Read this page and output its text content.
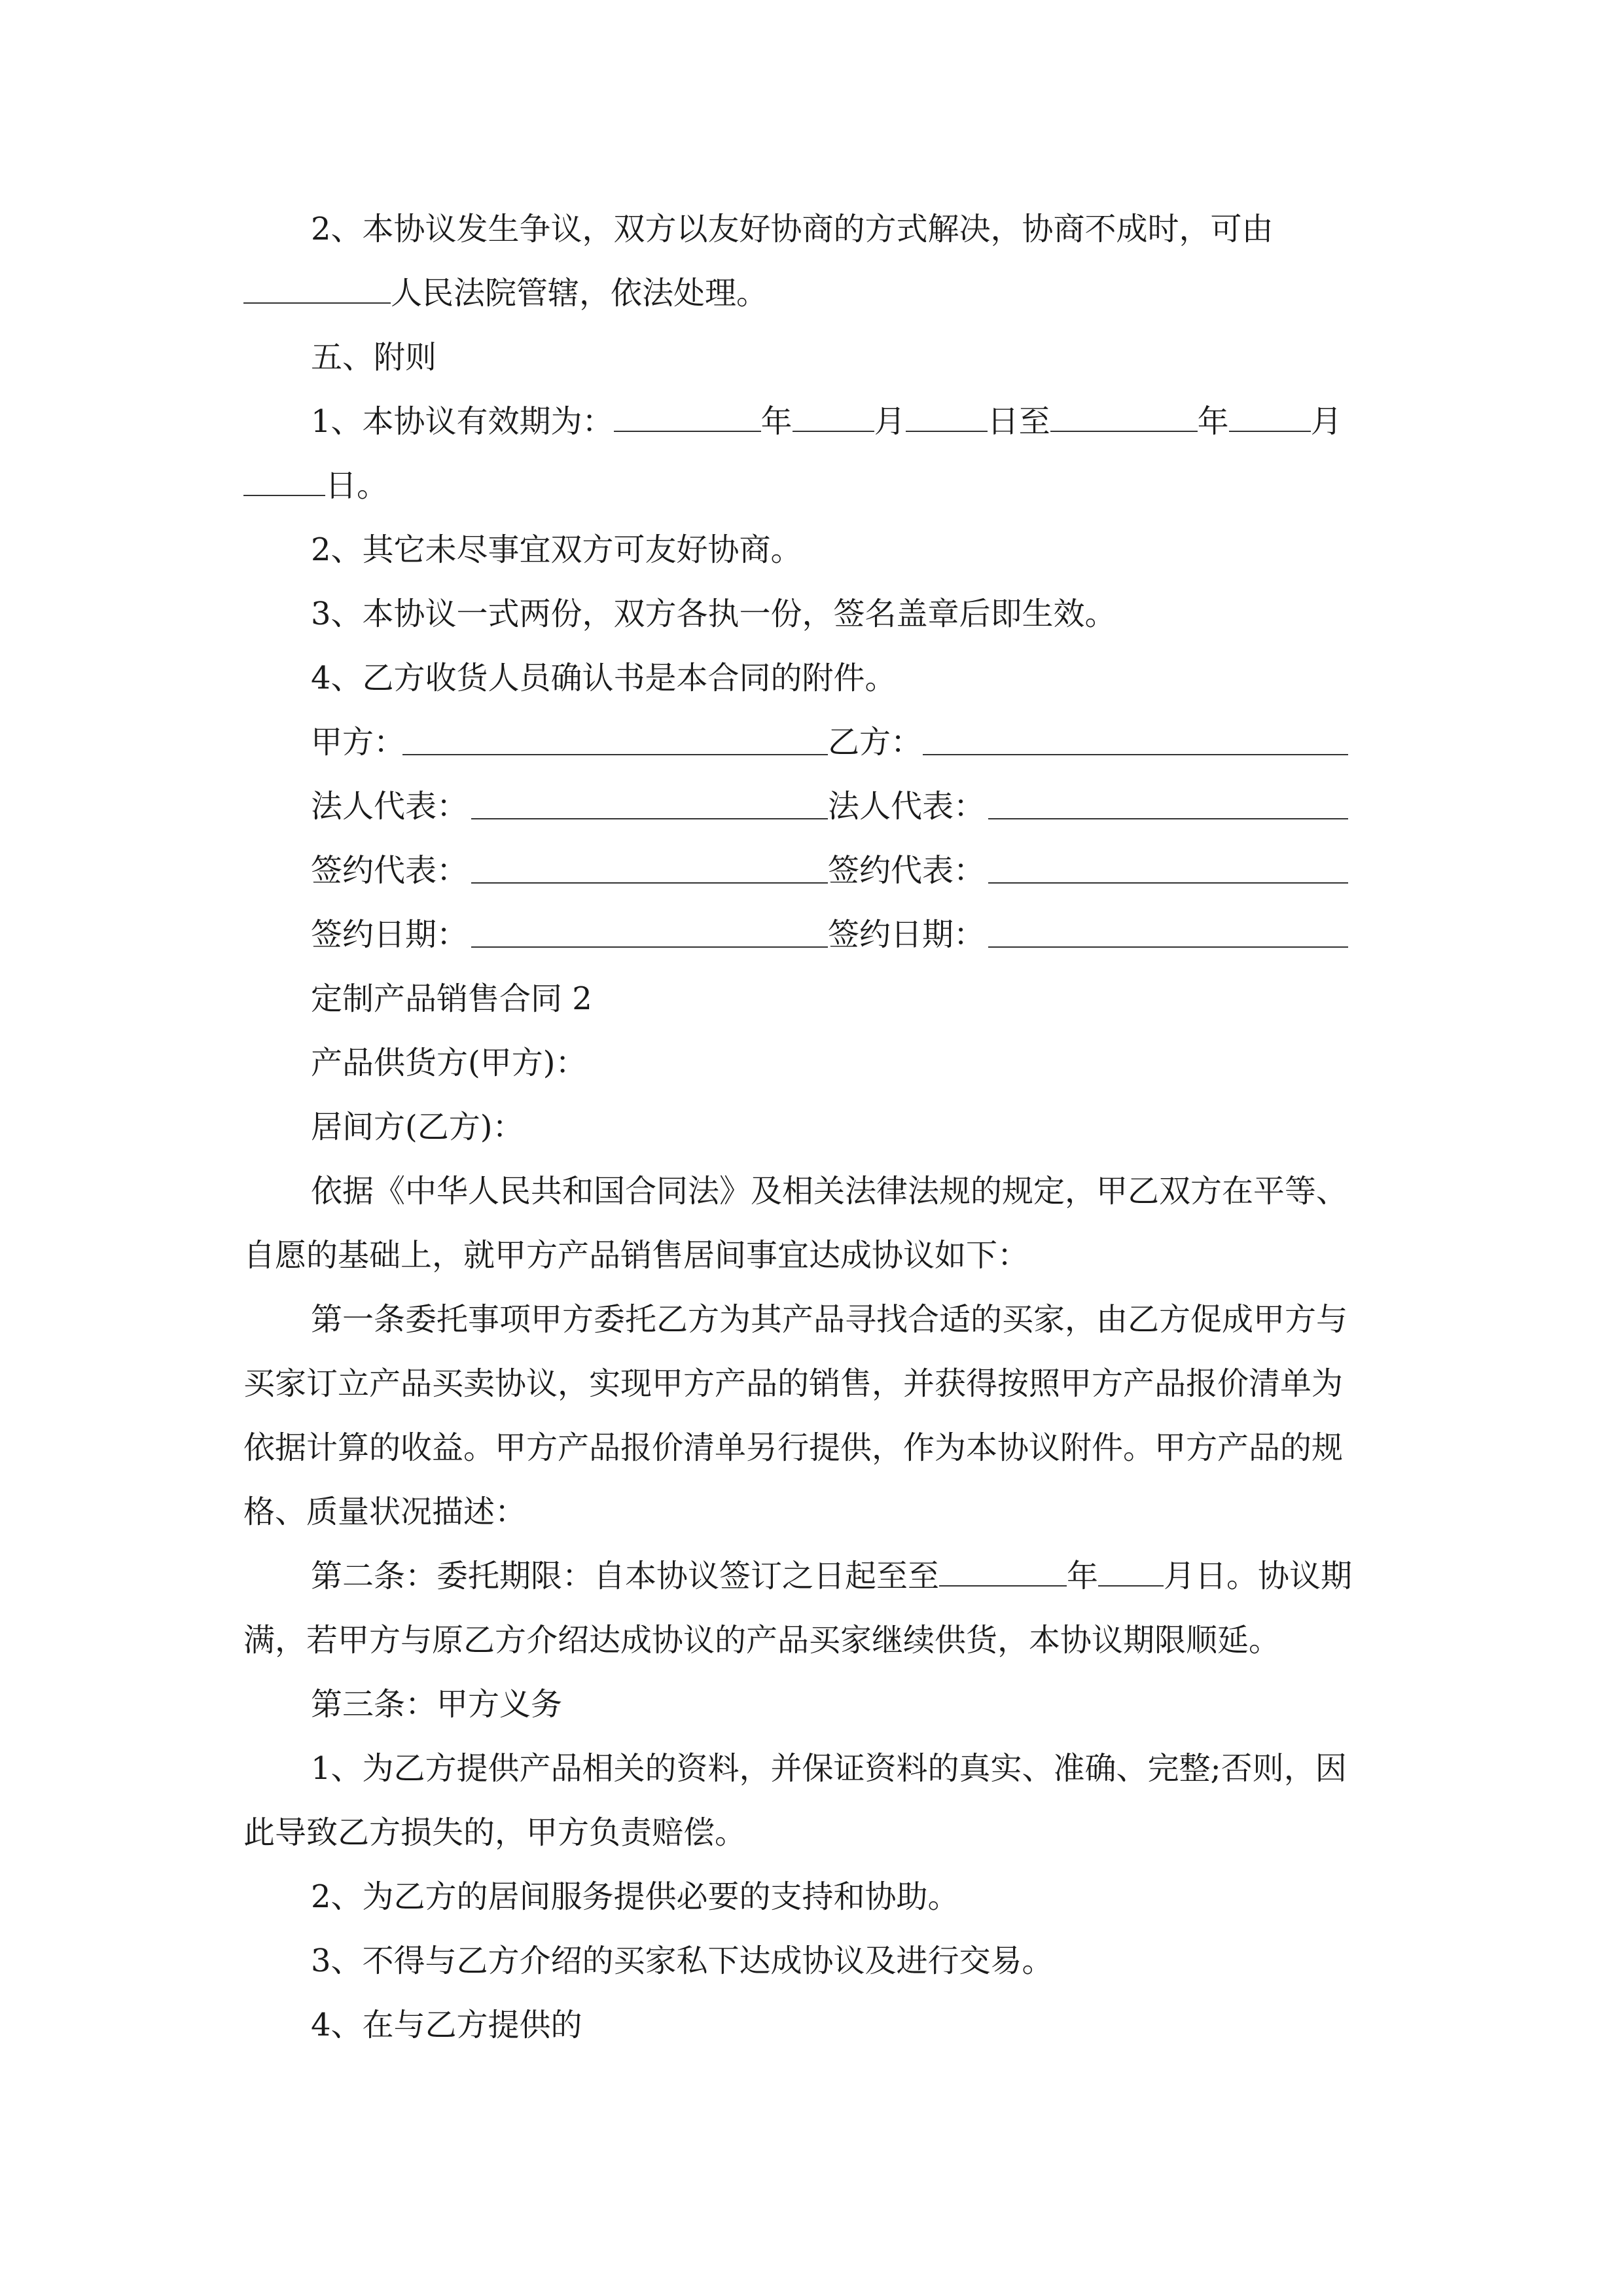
2、本协议发生争议，双方以友好协商的方式解决，协商不成时，可由
人民法院管辖，依法处理。
五、附则
1、本协议有效期为：	年	月	日至	年	月
日。
2、其它未尽事宜双方可友好协商。
3、本协议一式两份，双方各执一份，签名盖章后即生效。
4、乙方收货人员确认书是本合同的附件。
甲方：	乙方：
法人代表：	法人代表：
签约代表：	签约代表：
签约日期：	签约日期：
定制产品销售合同 2
产品供货方(甲方)：
居间方(乙方)：
依据《中华人民共和国合同法》及相关法律法规的规定，甲乙双方在平等、
自愿的基础上，就甲方产品销售居间事宜达成协议如下：
第一条委托事项甲方委托乙方为其产品寻找合适的买家，由乙方促成甲方与
买家订立产品买卖协议，实现甲方产品的销售，并获得按照甲方产品报价清单为
依据计算的收益。甲方产品报价清单另行提供，作为本协议附件。甲方产品的规
格、质量状况描述：
第二条：委托期限：自本协议签订之日起至至	年 月日。协议期
满，若甲方与原乙方介绍达成协议的产品买家继续供货，本协议期限顺延。
第三条：甲方义务
1、为乙方提供产品相关的资料，并保证资料的真实、准确、完整;否则，因
此导致乙方损失的，甲方负责赔偿。
2、为乙方的居间服务提供必要的支持和协助。
3、不得与乙方介绍的买家私下达成协议及进行交易。
4、在与乙方提供的
